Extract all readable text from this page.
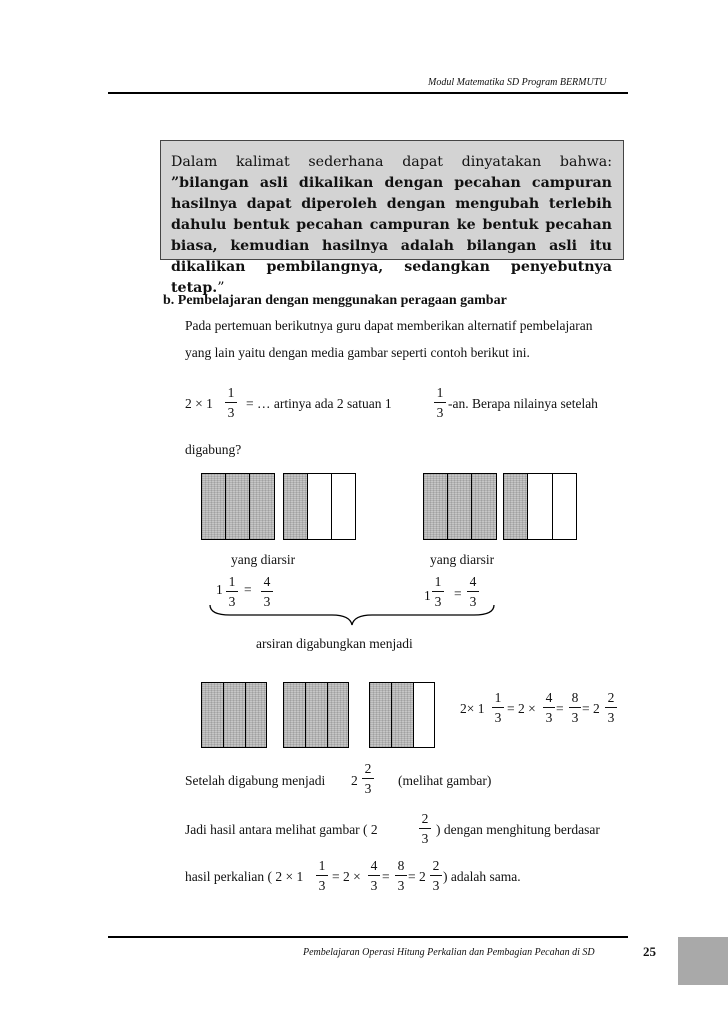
Modul Matematika SD Program BERMUTU
Dalam kalimat sederhana dapat dinyatakan bahwa: ”bilangan asli dikalikan dengan pecahan campuran hasilnya dapat diperoleh dengan mengubah terlebih dahulu bentuk pecahan campuran ke bentuk pecahan biasa, kemudian hasilnya adalah bilangan asli itu dikalikan pembilangnya, sedangkan penyebutnya tetap.”
b. Pembelajaran dengan menggunakan peragaan gambar
Pada pertemuan berikutnya guru dapat memberikan alternatif pembelajaran
yang lain yaitu dengan media gambar seperti contoh berikut ini.
2 × 1
1
3
= … artinya ada 2 satuan 1
1
3
-an. Berapa nilainya setelah
digabung?
yang diarsir	yang diarsir
1
1
3
=
4
3	1
1
3
=
4
3
arsiran digabungkan menjadi
2× 1
1
3
= 2 ×
4
3
=
8
3
= 2
2
3
Setelah digabung menjadi 2
2
3
(melihat gambar)
Jadi hasil antara melihat gambar ( 2
2
3
) dengan menghitung berdasar
hasil perkalian ( 2 × 1
1
3
= 2 ×
4
3
=
8
3
= 2
2
3
) adalah sama.
Pembelajaran Operasi Hitung Perkalian dan Pembagian Pecahan di SD	25
